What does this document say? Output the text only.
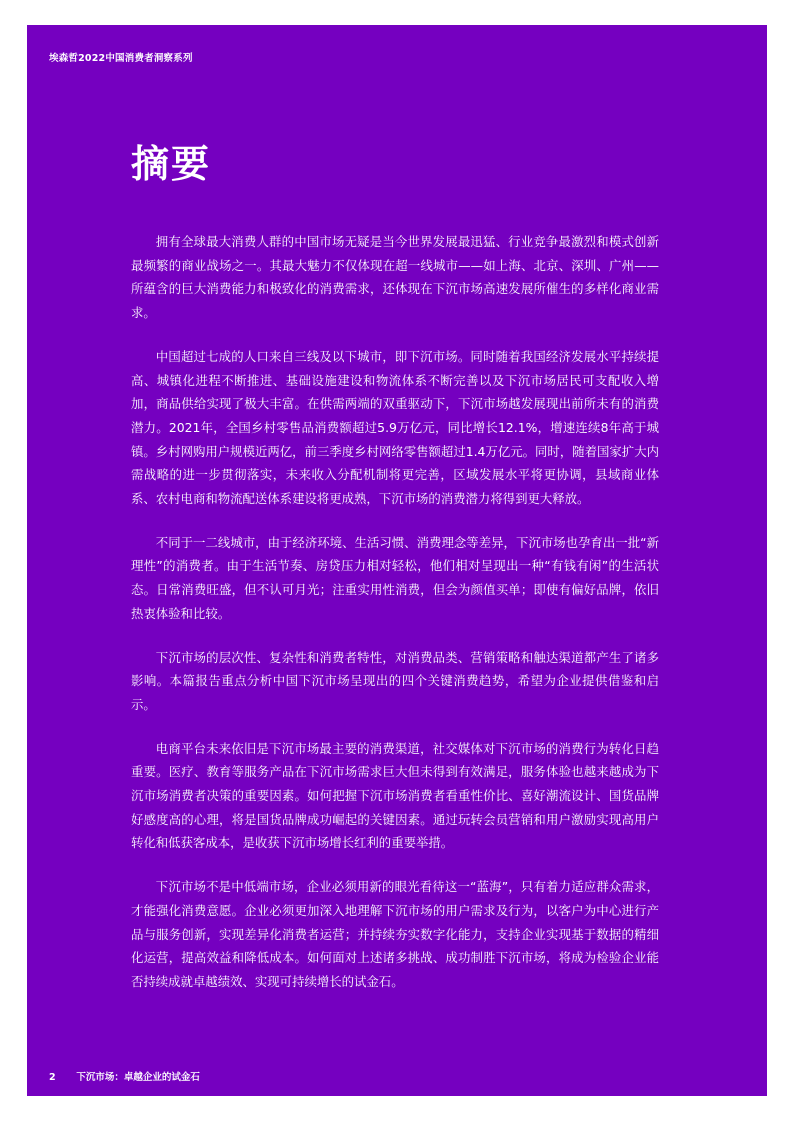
埃森哲2022中国消费者洞察系列
摘要

拥有全球最大消费人群的中国市场无疑是当今世界发展最迅猛、行业竞争最激烈和模式创新最频繁的商业战场之一。其最大魅力不仅体现在超一线城市——如上海、北京、深圳、广州——所蕴含的巨大消费能力和极致化的消费需求，还体现在下沉市场高速发展所催生的多样化商业需求。

中国超过七成的人口来自三线及以下城市，即下沉市场。同时随着我国经济发展水平持续提高、城镇化进程不断推进、基础设施建设和物流体系不断完善以及下沉市场居民可支配收入增加，商品供给实现了极大丰富。在供需两端的双重驱动下，下沉市场越发展现出前所未有的消费潜力。2021年，全国乡村零售品消费额超过5.9万亿元，同比增长12.1%，增速连续8年高于城镇。乡村网购用户规模近两亿，前三季度乡村网络零售额超过1.4万亿元。同时，随着国家扩大内需战略的进一步贯彻落实，未来收入分配机制将更完善，区域发展水平将更协调，县域商业体系、农村电商和物流配送体系建设将更成熟，下沉市场的消费潜力将得到更大释放。

不同于一二线城市，由于经济环境、生活习惯、消费理念等差异，下沉市场也孕育出一批“新理性”的消费者。由于生活节奏、房贷压力相对轻松，他们相对呈现出一种“有钱有闲”的生活状态。日常消费旺盛，但不认可月光；注重实用性消费，但会为颜值买单；即使有偏好品牌，依旧热衷体验和比较。

下沉市场的层次性、复杂性和消费者特性，对消费品类、营销策略和触达渠道都产生了诸多影响。本篇报告重点分析中国下沉市场呈现出的四个关键消费趋势，希望为企业提供借鉴和启示。

电商平台未来依旧是下沉市场最主要的消费渠道，社交媒体对下沉市场的消费行为转化日趋重要。医疗、教育等服务产品在下沉市场需求巨大但未得到有效满足，服务体验也越来越成为下沉市场消费者决策的重要因素。如何把握下沉市场消费者看重性价比、喜好潮流设计、国货品牌好感度高的心理，将是国货品牌成功崛起的关键因素。通过玩转会员营销和用户激励实现高用户转化和低获客成本，是收获下沉市场增长红利的重要举措。

下沉市场不是中低端市场，企业必须用新的眼光看待这一“蓝海”，只有着力适应群众需求，才能强化消费意愿。企业必须更加深入地理解下沉市场的用户需求及行为，以客户为中心进行产品与服务创新，实现差异化消费者运营；并持续夯实数字化能力，支持企业实现基于数据的精细化运营，提高效益和降低成本。如何面对上述诸多挑战、成功制胜下沉市场，将成为检验企业能否持续成就卓越绩效、实现可持续增长的试金石。

2 下沉市场：卓越企业的试金石
